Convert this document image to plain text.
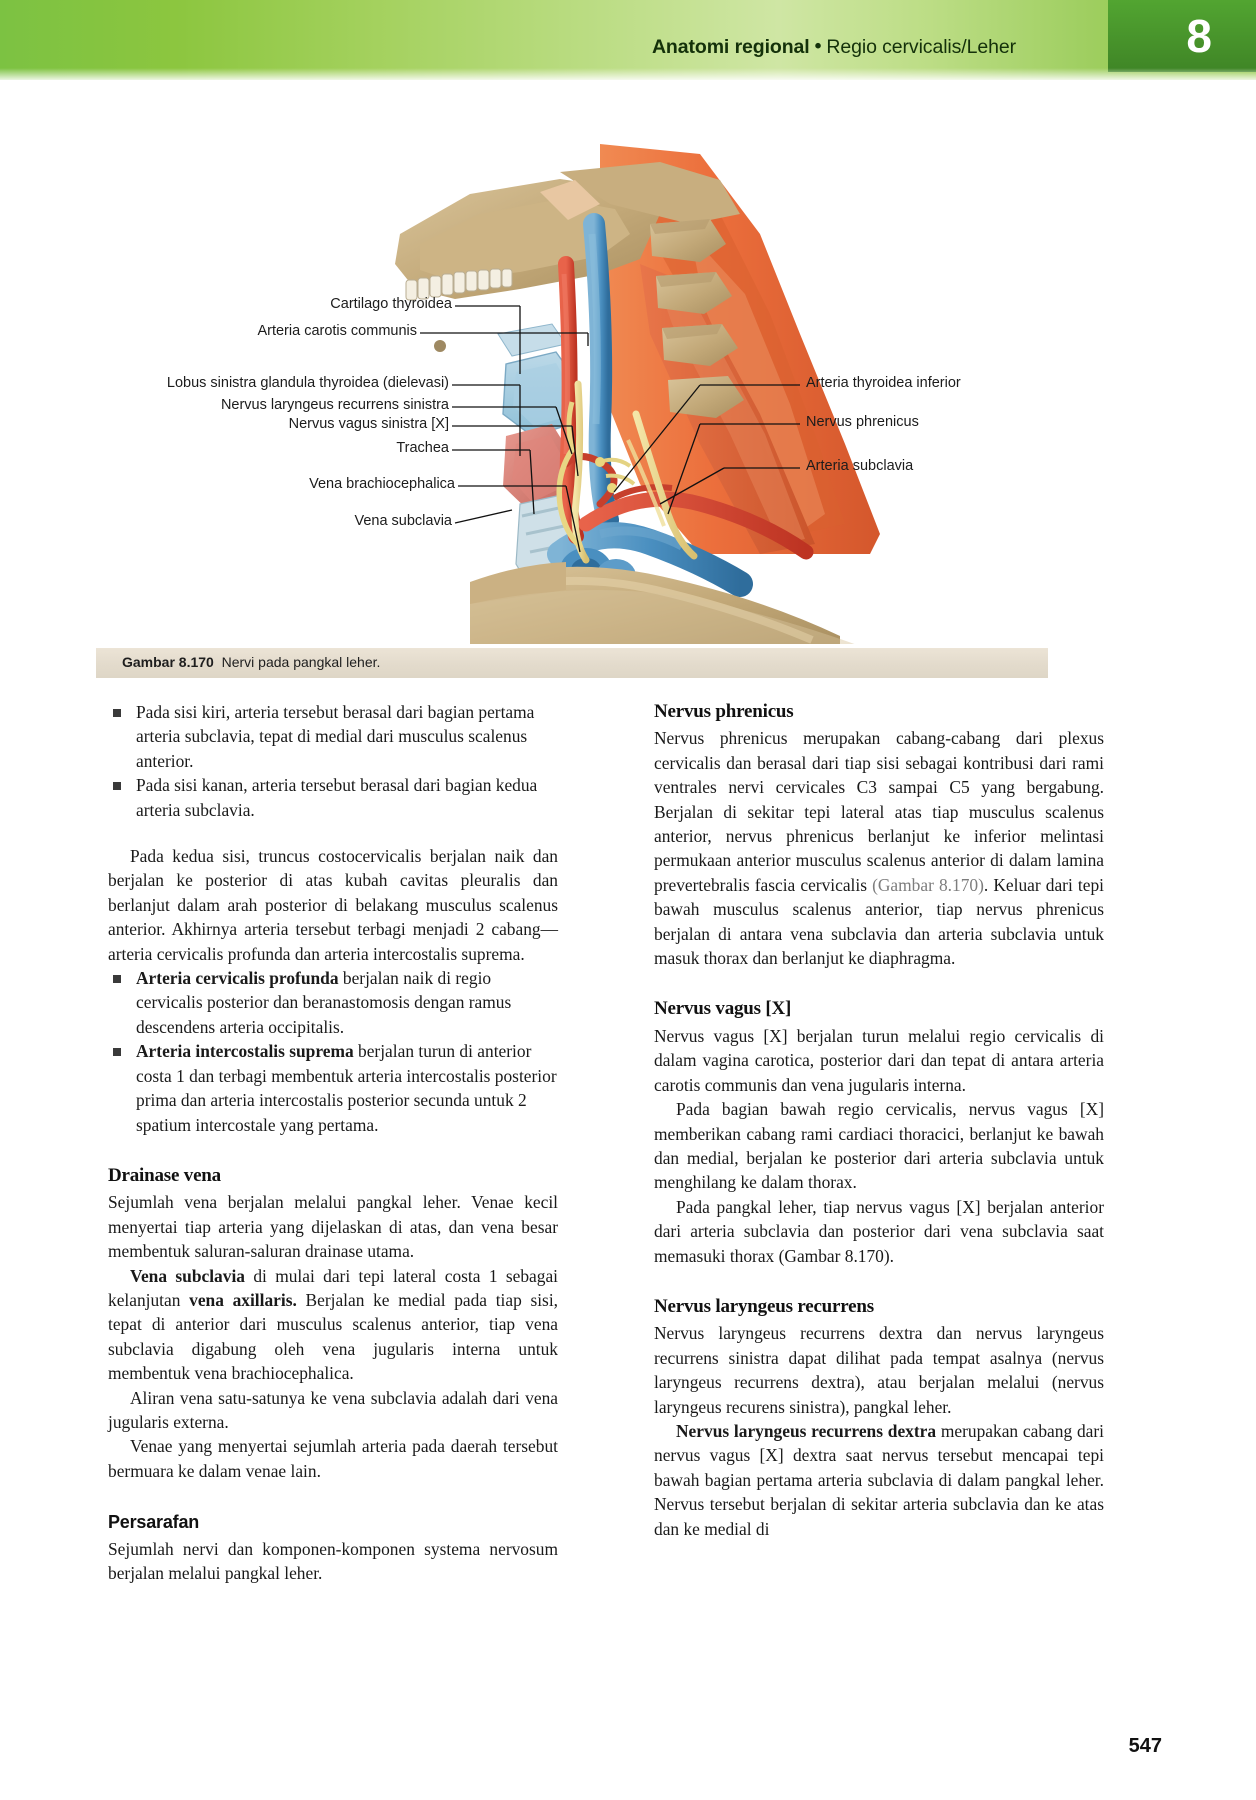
Anatomi regional • Regio cervicalis/Leher	8
Cartilago thyroidea
Arteria carotis communis
Lobus sinistra glandula thyroidea (dielevasi)
Nervus laryngeus recurrens sinistra
Nervus vagus sinistra [X]
Trachea
Vena brachiocephalica
Vena subclavia
Arteria thyroidea inferior
Nervus phrenicus
Arteria subclavia
Gambar 8.170 Nervi pada pangkal leher.
Pada sisi kiri, arteria tersebut berasal dari bagian pertama arteria subclavia, tepat di medial dari musculus scalenus anterior.
Pada sisi kanan, arteria tersebut berasal dari bagian kedua arteria subclavia.

Pada kedua sisi, truncus costocervicalis berjalan naik dan berjalan ke posterior di atas kubah cavitas pleuralis dan berlanjut dalam arah posterior di belakang musculus scalenus anterior. Akhirnya arteria tersebut terbagi menjadi 2 cabang—arteria cervicalis profunda dan arteria intercostalis suprema.

Arteria cervicalis profunda berjalan naik di regio cervicalis posterior dan beranastomosis dengan ramus descendens arteria occipitalis.
Arteria intercostalis suprema berjalan turun di anterior costa 1 dan terbagi membentuk arteria intercostalis posterior prima dan arteria intercostalis posterior secunda untuk 2 spatium intercostale yang pertama.
Drainase vena

Sejumlah vena berjalan melalui pangkal leher. Venae kecil menyertai tiap arteria yang dijelaskan di atas, dan vena besar membentuk saluran-saluran drainase utama.

Vena subclavia di mulai dari tepi lateral costa 1 sebagai kelanjutan vena axillaris. Berjalan ke medial pada tiap sisi, tepat di anterior dari musculus scalenus anterior, tiap vena subclavia digabung oleh vena jugularis interna untuk membentuk vena brachiocephalica.

Aliran vena satu-satunya ke vena subclavia adalah dari vena jugularis externa.

Venae yang menyertai sejumlah arteria pada daerah tersebut bermuara ke dalam venae lain.

Persarafan

Sejumlah nervi dan komponen-komponen systema nervosum berjalan melalui pangkal leher.

Nervus phrenicus

Nervus phrenicus merupakan cabang-cabang dari plexus cervicalis dan berasal dari tiap sisi sebagai kontribusi dari rami ventrales nervi cervicales C3 sampai C5 yang bergabung. Berjalan di sekitar tepi lateral atas tiap musculus scalenus anterior, nervus phrenicus berlanjut ke inferior melintasi permukaan anterior musculus scalenus anterior di dalam lamina prevertebralis fascia cervicalis (Gambar 8.170). Keluar dari tepi bawah musculus scalenus anterior, tiap nervus phrenicus berjalan di antara vena subclavia dan arteria subclavia untuk masuk thorax dan berlanjut ke diaphragma.

Nervus vagus [X]

Nervus vagus [X] berjalan turun melalui regio cervicalis di dalam vagina carotica, posterior dari dan tepat di antara arteria carotis communis dan vena jugularis interna.

Pada bagian bawah regio cervicalis, nervus vagus [X] memberikan cabang rami cardiaci thoracici, berlanjut ke bawah dan medial, berjalan ke posterior dari arteria subclavia untuk menghilang ke dalam thorax.

Pada pangkal leher, tiap nervus vagus [X] berjalan anterior dari arteria subclavia dan posterior dari vena subclavia saat memasuki thorax (Gambar 8.170).

Nervus laryngeus recurrens

Nervus laryngeus recurrens dextra dan nervus laryngeus recurrens sinistra dapat dilihat pada tempat asalnya (nervus laryngeus recurrens dextra), atau berjalan melalui (nervus laryngeus recurens sinistra), pangkal leher.

Nervus laryngeus recurrens dextra merupakan cabang dari nervus vagus [X] dextra saat nervus tersebut mencapai tepi bawah bagian pertama arteria subclavia di dalam pangkal leher. Nervus tersebut berjalan di sekitar arteria subclavia dan ke atas dan ke medial di

547
